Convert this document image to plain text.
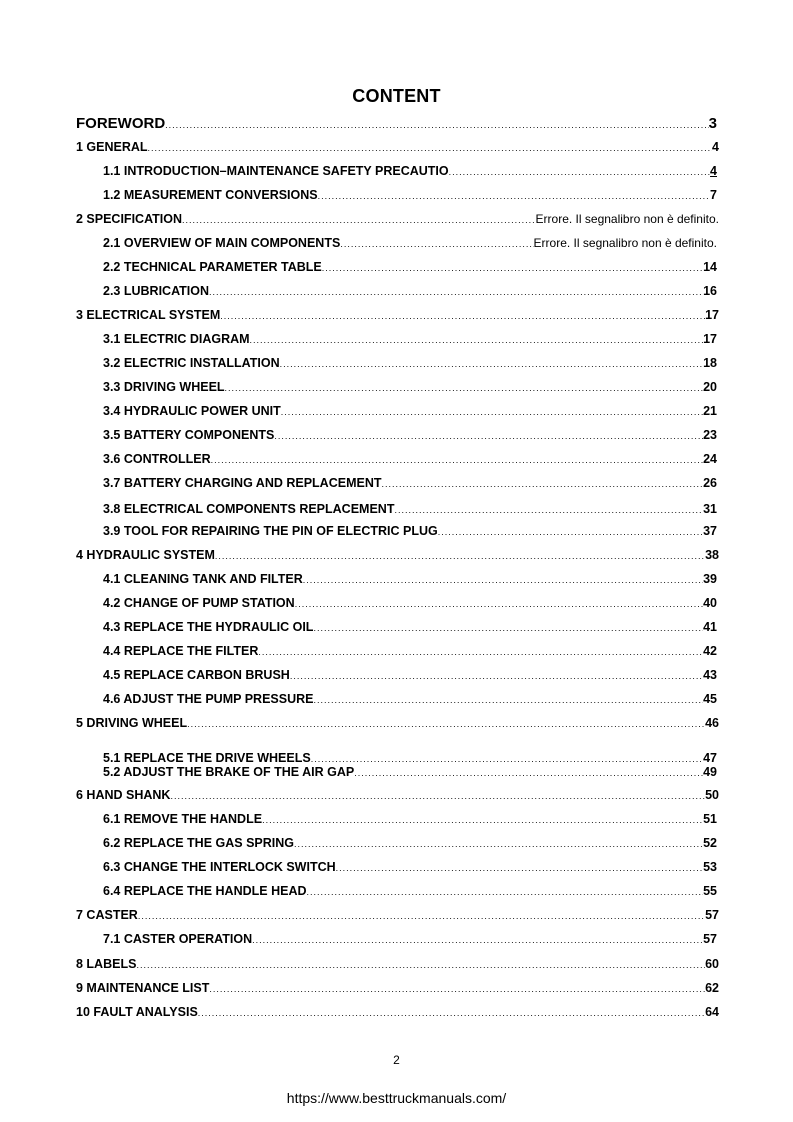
CONTENT
FOREWORD .....	3
1 GENERAL .....	4
1.1 INTRODUCTION–MAINTENANCE SAFETY PRECAUTIO .....	4
1.2 MEASUREMENT CONVERSIONS .....	7
2 SPECIFICATION .....	Errore. Il segnalibro non è definito.
2.1 OVERVIEW OF MAIN COMPONENTS .....	Errore. Il segnalibro non è definito.
2.2 TECHNICAL PARAMETER TABLE .....	14
2.3 LUBRICATION .....	16
3 ELECTRICAL SYSTEM .....	17
3.1 ELECTRIC DIAGRAM .....	17
3.2 ELECTRIC INSTALLATION .....	18
3.3 DRIVING WHEEL .....	20
3.4 HYDRAULIC POWER UNIT .....	21
3.5 BATTERY COMPONENTS .....	23
3.6 CONTROLLER .....	24
3.7 BATTERY CHARGING AND REPLACEMENT .....	26
3.8 ELECTRICAL COMPONENTS REPLACEMENT .....	31
3.9 TOOL FOR REPAIRING THE PIN OF ELECTRIC PLUG .....	37
4 HYDRAULIC SYSTEM .....	38
4.1 CLEANING TANK AND FILTER .....	39
4.2 CHANGE OF PUMP STATION .....	40
4.3 REPLACE THE HYDRAULIC OIL .....	41
4.4 REPLACE THE FILTER .....	42
4.5 REPLACE CARBON BRUSH .....	43
4.6 ADJUST THE PUMP PRESSURE .....	45
5 DRIVING WHEEL .....	46
5.1 REPLACE THE DRIVE WHEELS .....	47
5.2 ADJUST THE BRAKE OF THE AIR GAP .....	49
6 HAND SHANK .....	50
6.1 REMOVE THE HANDLE .....	51
6.2 REPLACE THE GAS SPRING .....	52
6.3 CHANGE THE INTERLOCK SWITCH .....	53
6.4 REPLACE THE HANDLE HEAD .....	55
7 CASTER .....	57
7.1 CASTER OPERATION .....	57
8 LABELS .....	60
9 MAINTENANCE LIST .....	62
10 FAULT ANALYSIS .....	64
2
https://www.besttruckmanuals.com/
